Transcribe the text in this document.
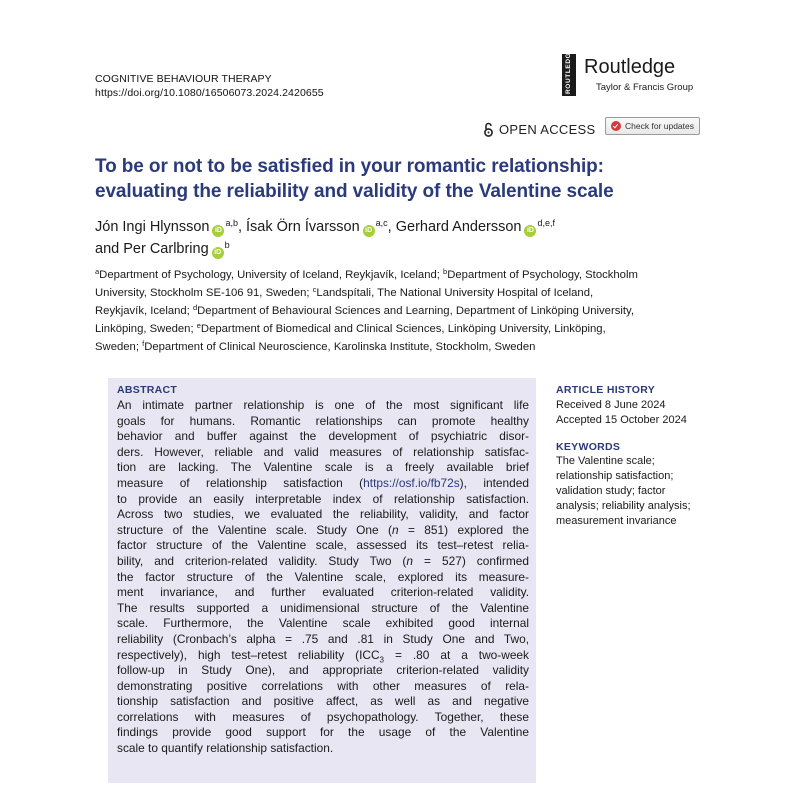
COGNITIVE BEHAVIOUR THERAPY
https://doi.org/10.1080/16506073.2024.2420655	ROUTLEDGE Routledge
Taylor & Francis Group
OPEN ACCESS	Check for updates
To be or not to be satisfied in your romantic relationship:
evaluating the reliability and validity of the Valentine scale
Jón Ingi Hlynsson iD$^{a,b}$, Ísak Örn Ívarsson iD$^{a,c}$, Gerhard Andersson iD$^{d,e,f}$
and Per Carlbring iD$^b$
$^a$Department of Psychology, University of Iceland, Reykjavík, Iceland; $^b$Department of Psychology, Stockholm
University, Stockholm SE-106 91, Sweden; $^c$Landspítali, The National University Hospital of Iceland,
Reykjavík, Iceland; $^d$Department of Behavioural Sciences and Learning, Department of Linköping University,
Linköping, Sweden; $^e$Department of Biomedical and Clinical Sciences, Linköping University, Linköping,
Sweden; $^f$Department of Clinical Neuroscience, Karolinska Institute, Stockholm, Sweden
ABSTRACT
An intimate partner relationship is one of the most significant life
goals for humans. Romantic relationships can promote healthy
behavior and buffer against the development of psychiatric disor-
ders. However, reliable and valid measures of relationship satisfac-
tion are lacking. The Valentine scale is a freely available brief
measure of relationship satisfaction (https://osf.io/fb72s), intended
to provide an easily interpretable index of relationship satisfaction.
Across two studies, we evaluated the reliability, validity, and factor
structure of the Valentine scale. Study One (n = 851) explored the
factor structure of the Valentine scale, assessed its test–retest relia-
bility, and criterion-related validity. Study Two (n = 527) confirmed
the factor structure of the Valentine scale, explored its measure-
ment invariance, and further evaluated criterion-related validity.
The results supported a unidimensional structure of the Valentine
scale. Furthermore, the Valentine scale exhibited good internal
reliability (Cronbach’s alpha = .75 and .81 in Study One and Two,
respectively), high test–retest reliability ($ICC_3 = .80$ at a two-week
follow-up in Study One), and appropriate criterion-related validity
demonstrating positive correlations with other measures of rela-
tionship satisfaction and positive affect, as well as and negative
correlations with measures of psychopathology. Together, these
findings provide good support for the usage of the Valentine
scale to quantify relationship satisfaction.
ARTICLE HISTORY
Received 8 June 2024
Accepted 15 October 2024
KEYWORDS
The Valentine scale;
relationship satisfaction;
validation study; factor
analysis; reliability analysis;
measurement invariance
